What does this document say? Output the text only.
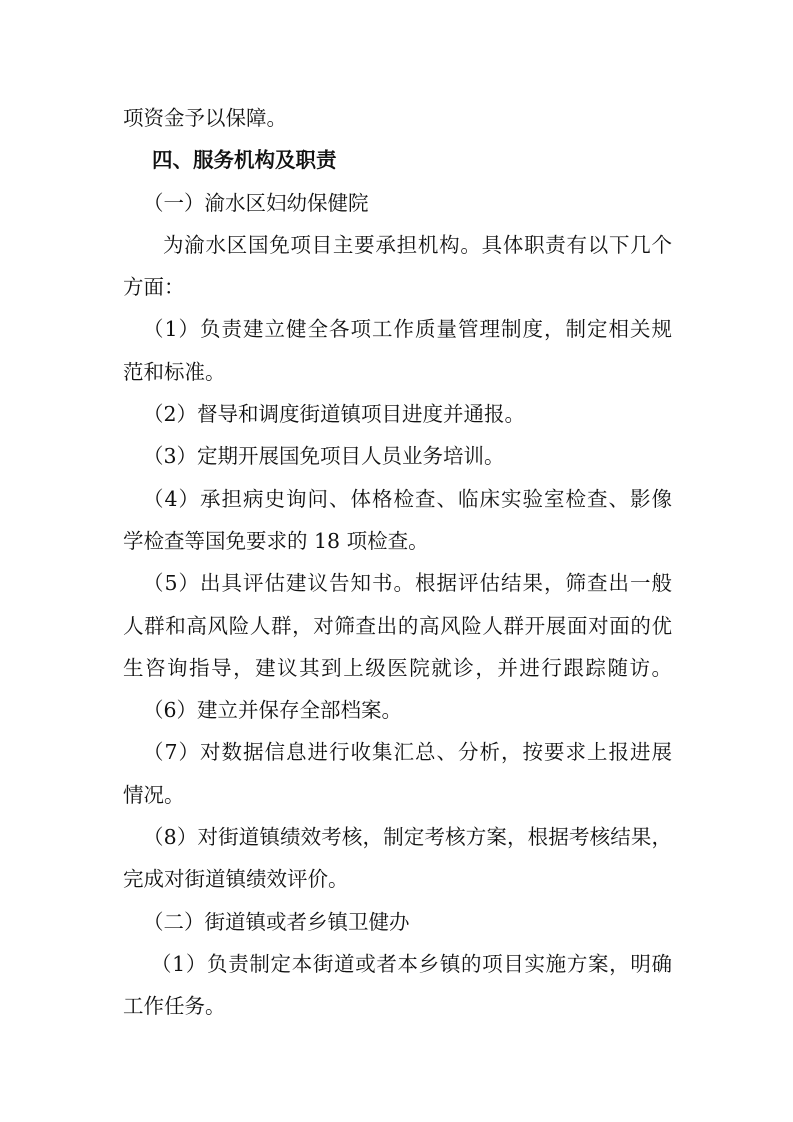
项资金予以保障。
四、服务机构及职责
（一）渝水区妇幼保健院
为渝水区国免项目主要承担机构。具体职责有以下几个
方面：
（1）负责建立健全各项工作质量管理制度，制定相关规
范和标准。
（2）督导和调度街道镇项目进度并通报。
（3）定期开展国免项目人员业务培训。
（4）承担病史询问、体格检查、临床实验室检查、影像
学检查等国免要求的 18 项检查。
（5）出具评估建议告知书。根据评估结果，筛查出一般
人群和高风险人群，对筛查出的高风险人群开展面对面的优
生咨询指导，建议其到上级医院就诊，并进行跟踪随访。
（6）建立并保存全部档案。
（7）对数据信息进行收集汇总、分析，按要求上报进展
情况。
（8）对街道镇绩效考核，制定考核方案，根据考核结果，
完成对街道镇绩效评价。
（二）街道镇或者乡镇卫健办
（1）负责制定本街道或者本乡镇的项目实施方案，明确
工作任务。
